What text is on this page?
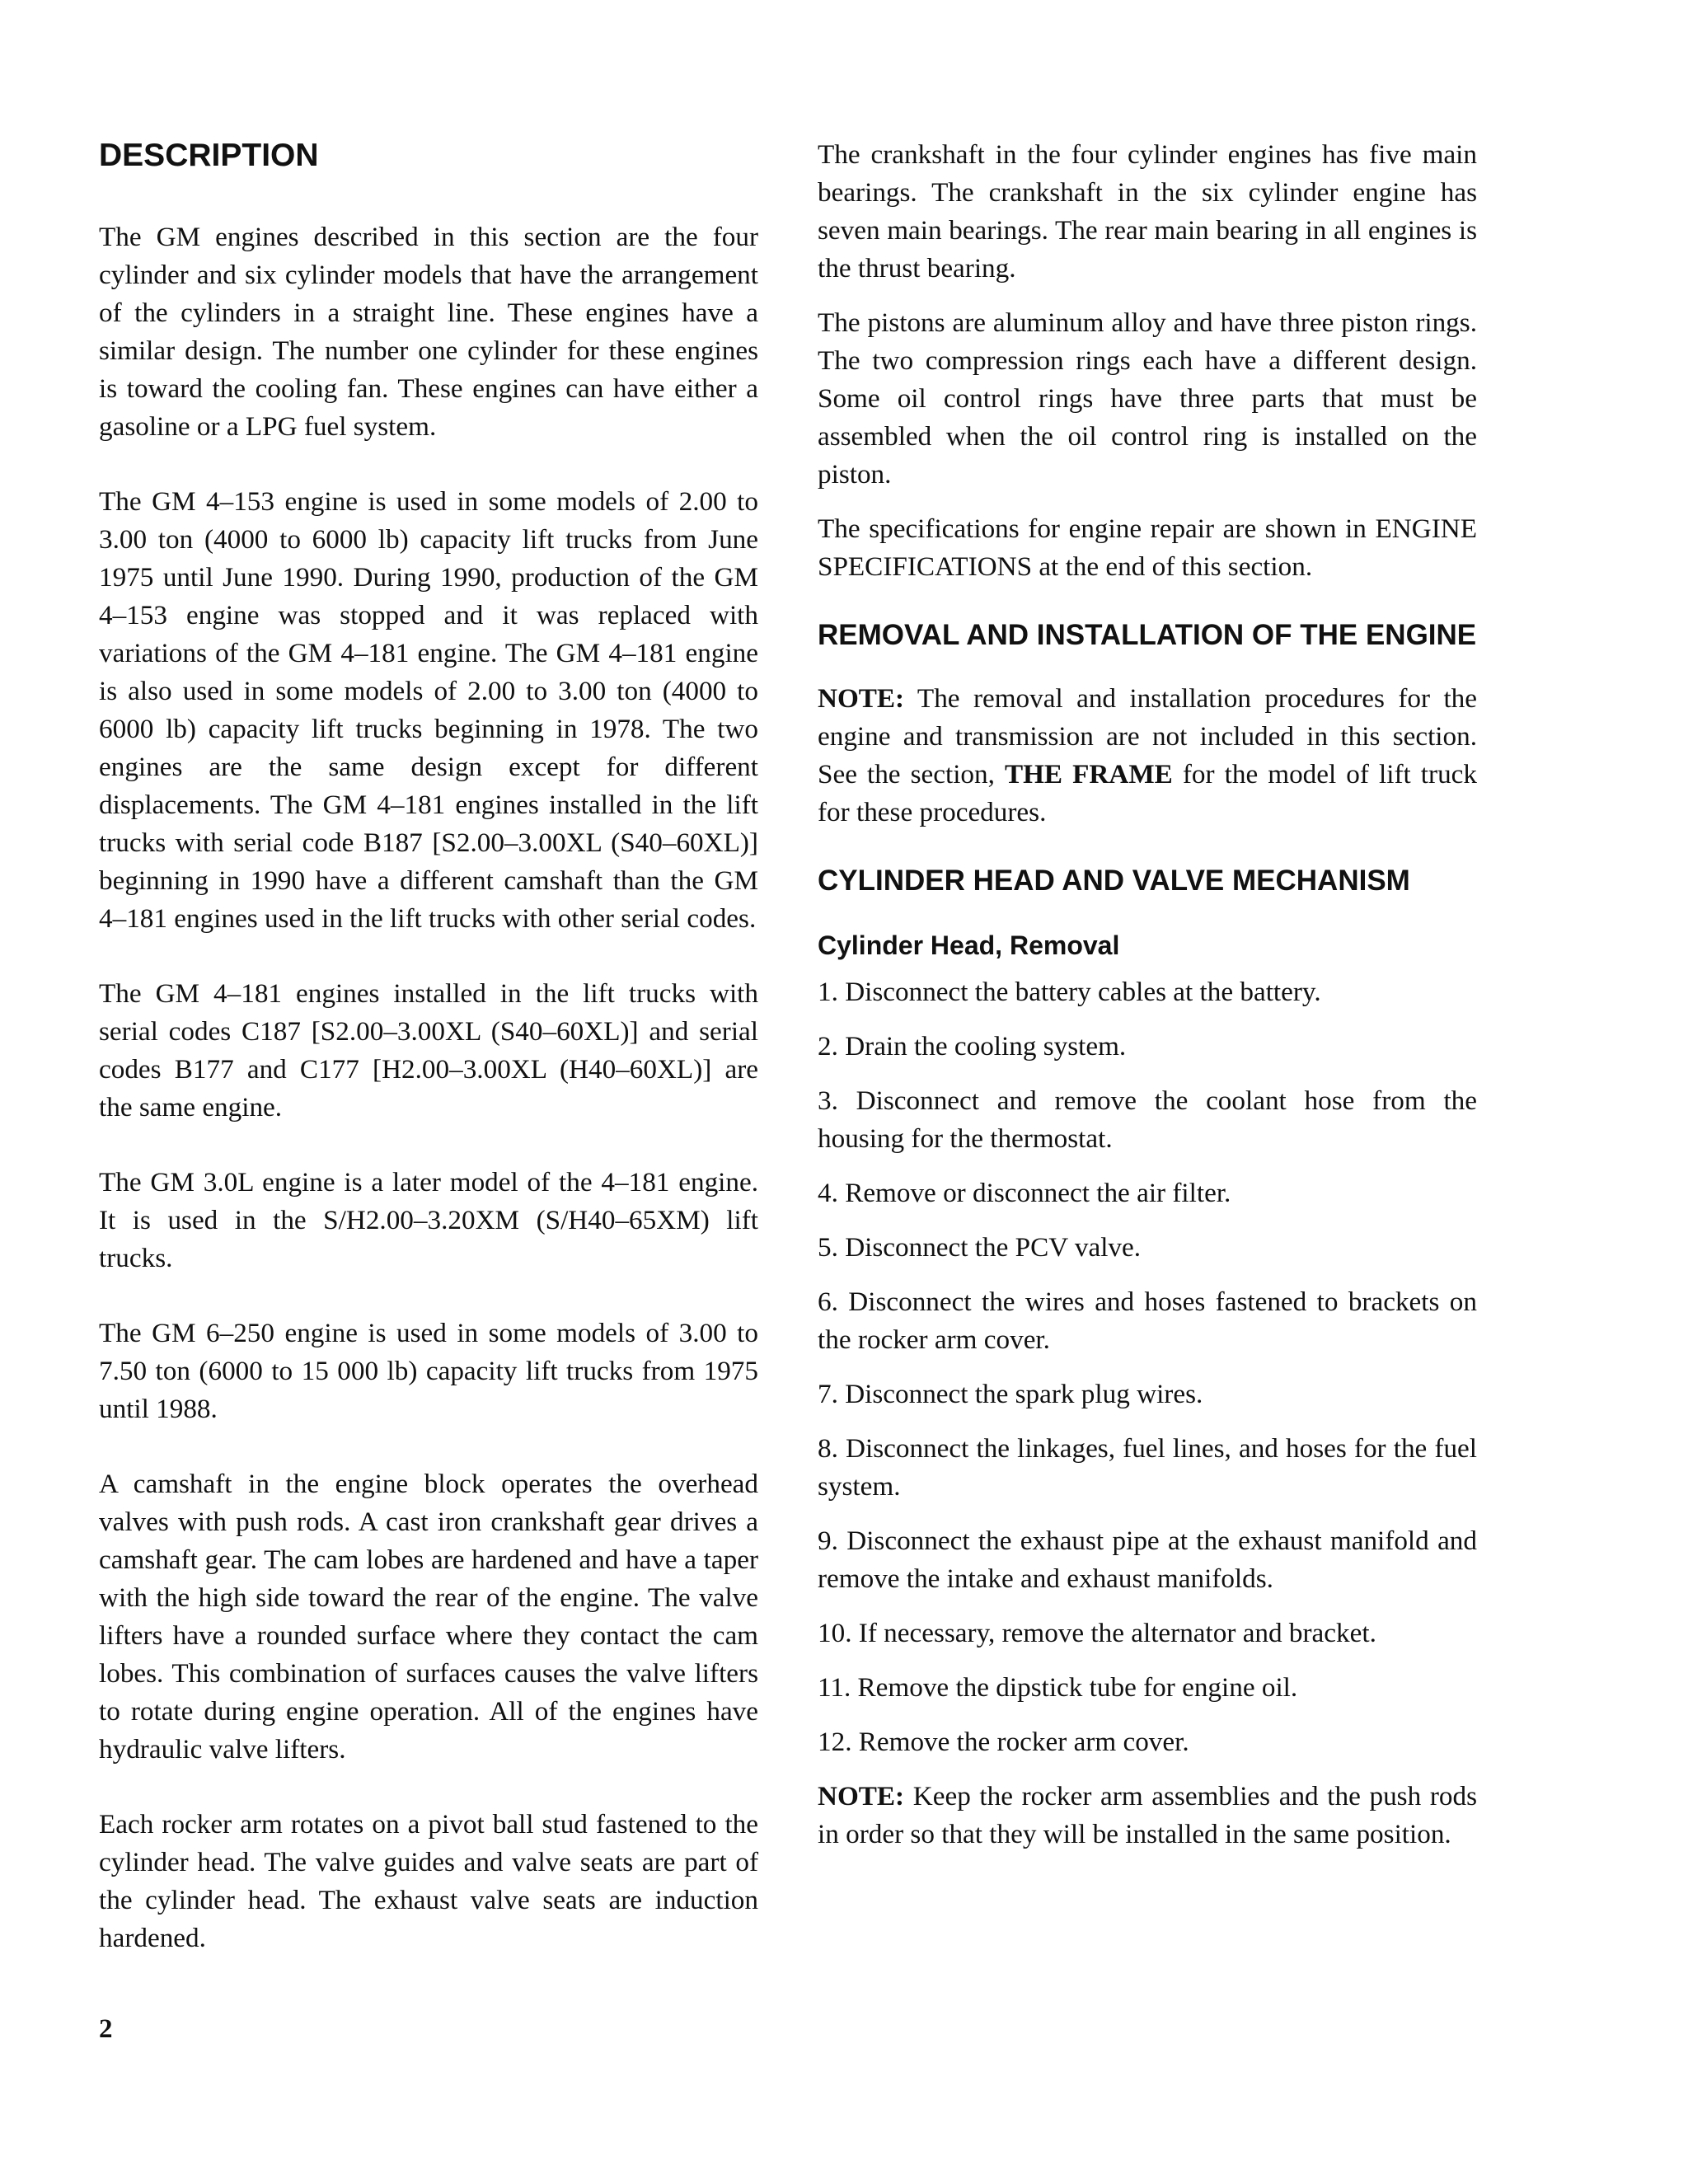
DESCRIPTION

The GM engines described in this section are the four cylinder and six cylinder models that have the arrangement of the cylinders in a straight line. These engines have a similar design. The number one cylinder for these engines is toward the cooling fan. These engines can have either a gasoline or a LPG fuel system.

The GM 4–153 engine is used in some models of 2.00 to 3.00 ton (4000 to 6000 lb) capacity lift trucks from June 1975 until June 1990. During 1990, production of the GM 4–153 engine was stopped and it was replaced with variations of the GM 4–181 engine. The GM 4–181 engine is also used in some models of 2.00 to 3.00 ton (4000 to 6000 lb) capacity lift trucks beginning in 1978. The two engines are the same design except for different displacements. The GM 4–181 engines installed in the lift trucks with serial code B187 [S2.00–3.00XL (S40–60XL)] beginning in 1990 have a different camshaft than the GM 4–181 engines used in the lift trucks with other serial codes.

The GM 4–181 engines installed in the lift trucks with serial codes C187 [S2.00–3.00XL (S40–60XL)] and serial codes B177 and C177 [H2.00–3.00XL (H40–60XL)] are the same engine.

The GM 3.0L engine is a later model of the 4–181 engine. It is used in the S/H2.00–3.20XM (S/H40–65XM) lift trucks.

The GM 6–250 engine is used in some models of 3.00 to 7.50 ton (6000 to 15 000 lb) capacity lift trucks from 1975 until 1988.

A camshaft in the engine block operates the overhead valves with push rods. A cast iron crankshaft gear drives a camshaft gear. The cam lobes are hardened and have a taper with the high side toward the rear of the engine. The valve lifters have a rounded surface where they contact the cam lobes. This combination of surfaces causes the valve lifters to rotate during engine operation. All of the engines have hydraulic valve lifters.

Each rocker arm rotates on a pivot ball stud fastened to the cylinder head. The valve guides and valve seats are part of the cylinder head. The exhaust valve seats are induction hardened.

The crankshaft in the four cylinder engines has five main bearings. The crankshaft in the six cylinder engine has seven main bearings. The rear main bearing in all engines is the thrust bearing.

The pistons are aluminum alloy and have three piston rings. The two compression rings each have a different design. Some oil control rings have three parts that must be assembled when the oil control ring is installed on the piston.

The specifications for engine repair are shown in ENGINE SPECIFICATIONS at the end of this section.

REMOVAL AND INSTALLATION OF THE ENGINE

NOTE: The removal and installation procedures for the engine and transmission are not included in this section. See the section, THE FRAME for the model of lift truck for these procedures.

CYLINDER HEAD AND VALVE MECHANISM
Cylinder Head, Removal

1. Disconnect the battery cables at the battery.

2. Drain the cooling system.

3. Disconnect and remove the coolant hose from the housing for the thermostat.

4. Remove or disconnect the air filter.

5. Disconnect the PCV valve.

6. Disconnect the wires and hoses fastened to brackets on the rocker arm cover.

7. Disconnect the spark plug wires.

8. Disconnect the linkages, fuel lines, and hoses for the fuel system.

9. Disconnect the exhaust pipe at the exhaust manifold and remove the intake and exhaust manifolds.

10. If necessary, remove the alternator and bracket.

11. Remove the dipstick tube for engine oil.

12. Remove the rocker arm cover.

NOTE: Keep the rocker arm assemblies and the push rods in order so that they will be installed in the same position.

2
